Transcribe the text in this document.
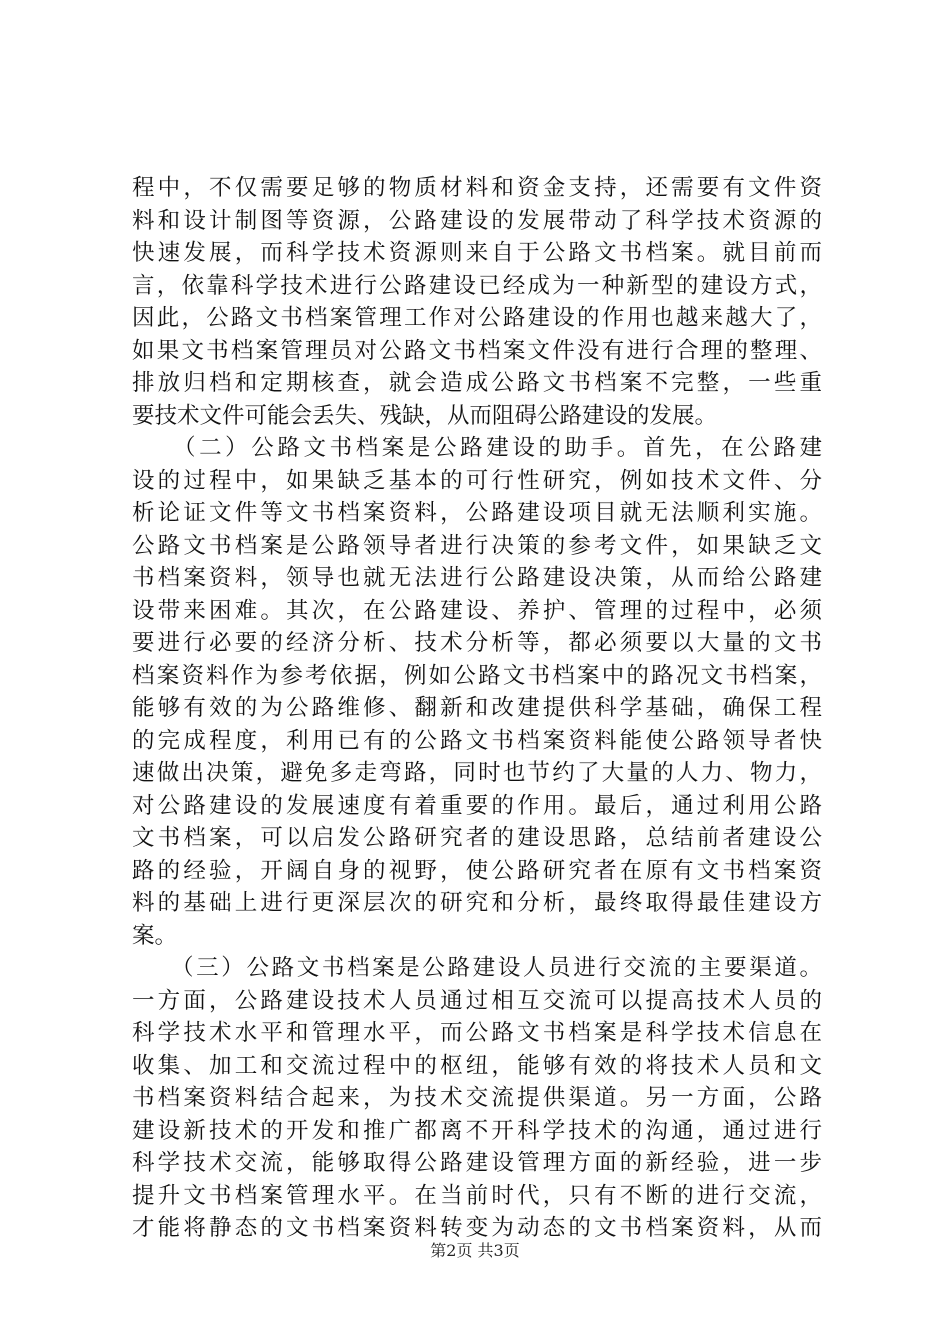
程中，不仅需要足够的物质材料和资金支持，还需要有文件资
料和设计制图等资源，公路建设的发展带动了科学技术资源的
快速发展，而科学技术资源则来自于公路文书档案。就目前而
言，依靠科学技术进行公路建设已经成为一种新型的建设方式，
因此，公路文书档案管理工作对公路建设的作用也越来越大了，
如果文书档案管理员对公路文书档案文件没有进行合理的整理、
排放归档和定期核查，就会造成公路文书档案不完整，一些重
要技术文件可能会丢失、残缺，从而阻碍公路建设的发展。
　　（二）公路文书档案是公路建设的助手。首先，在公路建
设的过程中，如果缺乏基本的可行性研究，例如技术文件、分
析论证文件等文书档案资料，公路建设项目就无法顺利实施。
公路文书档案是公路领导者进行决策的参考文件，如果缺乏文
书档案资料，领导也就无法进行公路建设决策，从而给公路建
设带来困难。其次，在公路建设、养护、管理的过程中，必须
要进行必要的经济分析、技术分析等，都必须要以大量的文书
档案资料作为参考依据，例如公路文书档案中的路况文书档案，
能够有效的为公路维修、翻新和改建提供科学基础，确保工程
的完成程度，利用已有的公路文书档案资料能使公路领导者快
速做出决策，避免多走弯路，同时也节约了大量的人力、物力，
对公路建设的发展速度有着重要的作用。最后，通过利用公路
文书档案，可以启发公路研究者的建设思路，总结前者建设公
路的经验，开阔自身的视野，使公路研究者在原有文书档案资
料的基础上进行更深层次的研究和分析，最终取得最佳建设方
案。
　　（三）公路文书档案是公路建设人员进行交流的主要渠道。
一方面，公路建设技术人员通过相互交流可以提高技术人员的
科学技术水平和管理水平，而公路文书档案是科学技术信息在
收集、加工和交流过程中的枢纽，能够有效的将技术人员和文
书档案资料结合起来，为技术交流提供渠道。另一方面，公路
建设新技术的开发和推广都离不开科学技术的沟通，通过进行
科学技术交流，能够取得公路建设管理方面的新经验，进一步
提升文书档案管理水平。在当前时代，只有不断的进行交流，
才能将静态的文书档案资料转变为动态的文书档案资料，从而
第2页 共3页
